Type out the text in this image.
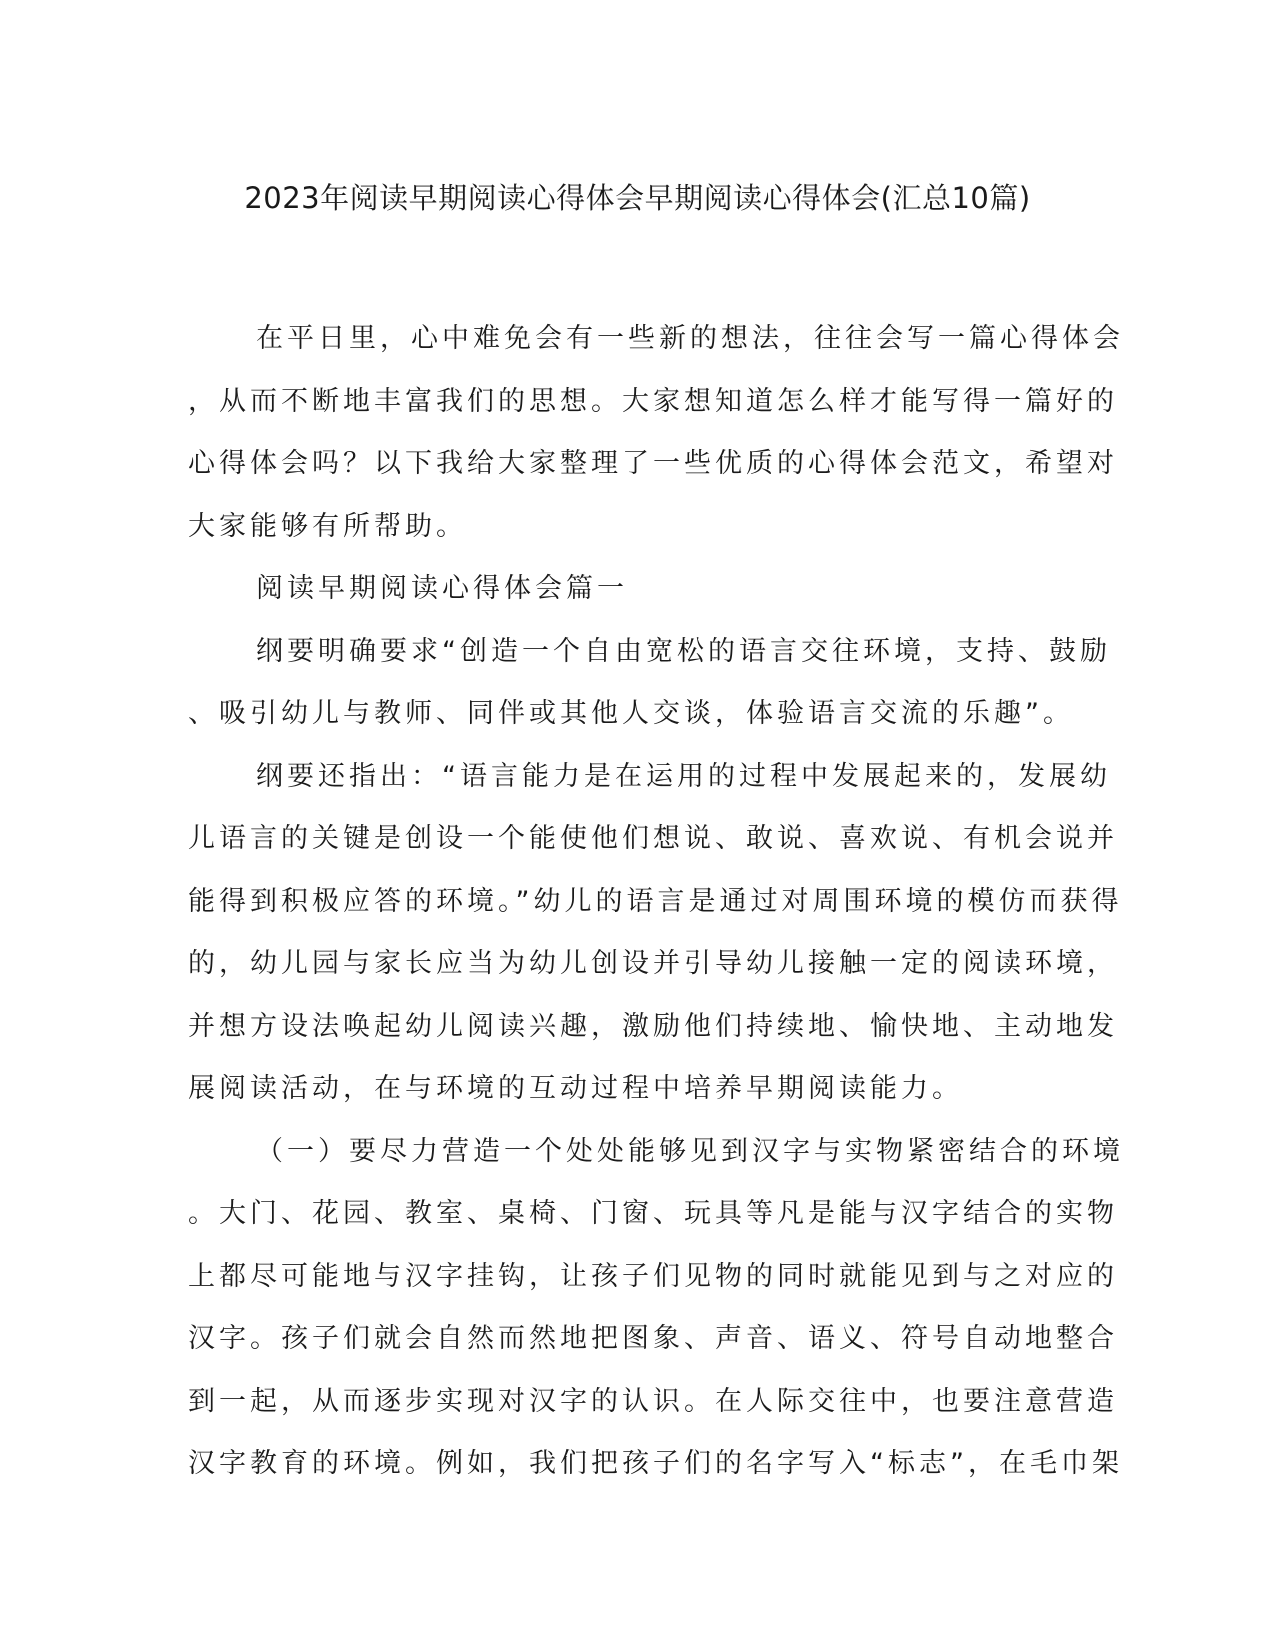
2023年阅读早期阅读心得体会早期阅读心得体会(汇总10篇)
在平日里，心中难免会有一些新的想法，往往会写一篇心得体会
，从而不断地丰富我们的思想。大家想知道怎么样才能写得一篇好的
心得体会吗？以下我给大家整理了一些优质的心得体会范文，希望对
大家能够有所帮助。
阅读早期阅读心得体会篇一
纲要明确要求“创造一个自由宽松的语言交往环境，支持、鼓励
、吸引幼儿与教师、同伴或其他人交谈，体验语言交流的乐趣”。
纲要还指出：“语言能力是在运用的过程中发展起来的，发展幼
儿语言的关键是创设一个能使他们想说、敢说、喜欢说、有机会说并
能得到积极应答的环境。”幼儿的语言是通过对周围环境的模仿而获得
的，幼儿园与家长应当为幼儿创设并引导幼儿接触一定的阅读环境，
并想方设法唤起幼儿阅读兴趣，激励他们持续地、愉快地、主动地发
展阅读活动，在与环境的互动过程中培养早期阅读能力。
（一）要尽力营造一个处处能够见到汉字与实物紧密结合的环境
。大门、花园、教室、桌椅、门窗、玩具等凡是能与汉字结合的实物
上都尽可能地与汉字挂钩，让孩子们见物的同时就能见到与之对应的
汉字。孩子们就会自然而然地把图象、声音、语义、符号自动地整合
到一起，从而逐步实现对汉字的认识。在人际交往中，也要注意营造
汉字教育的环境。例如，我们把孩子们的名字写入“标志”，在毛巾架
